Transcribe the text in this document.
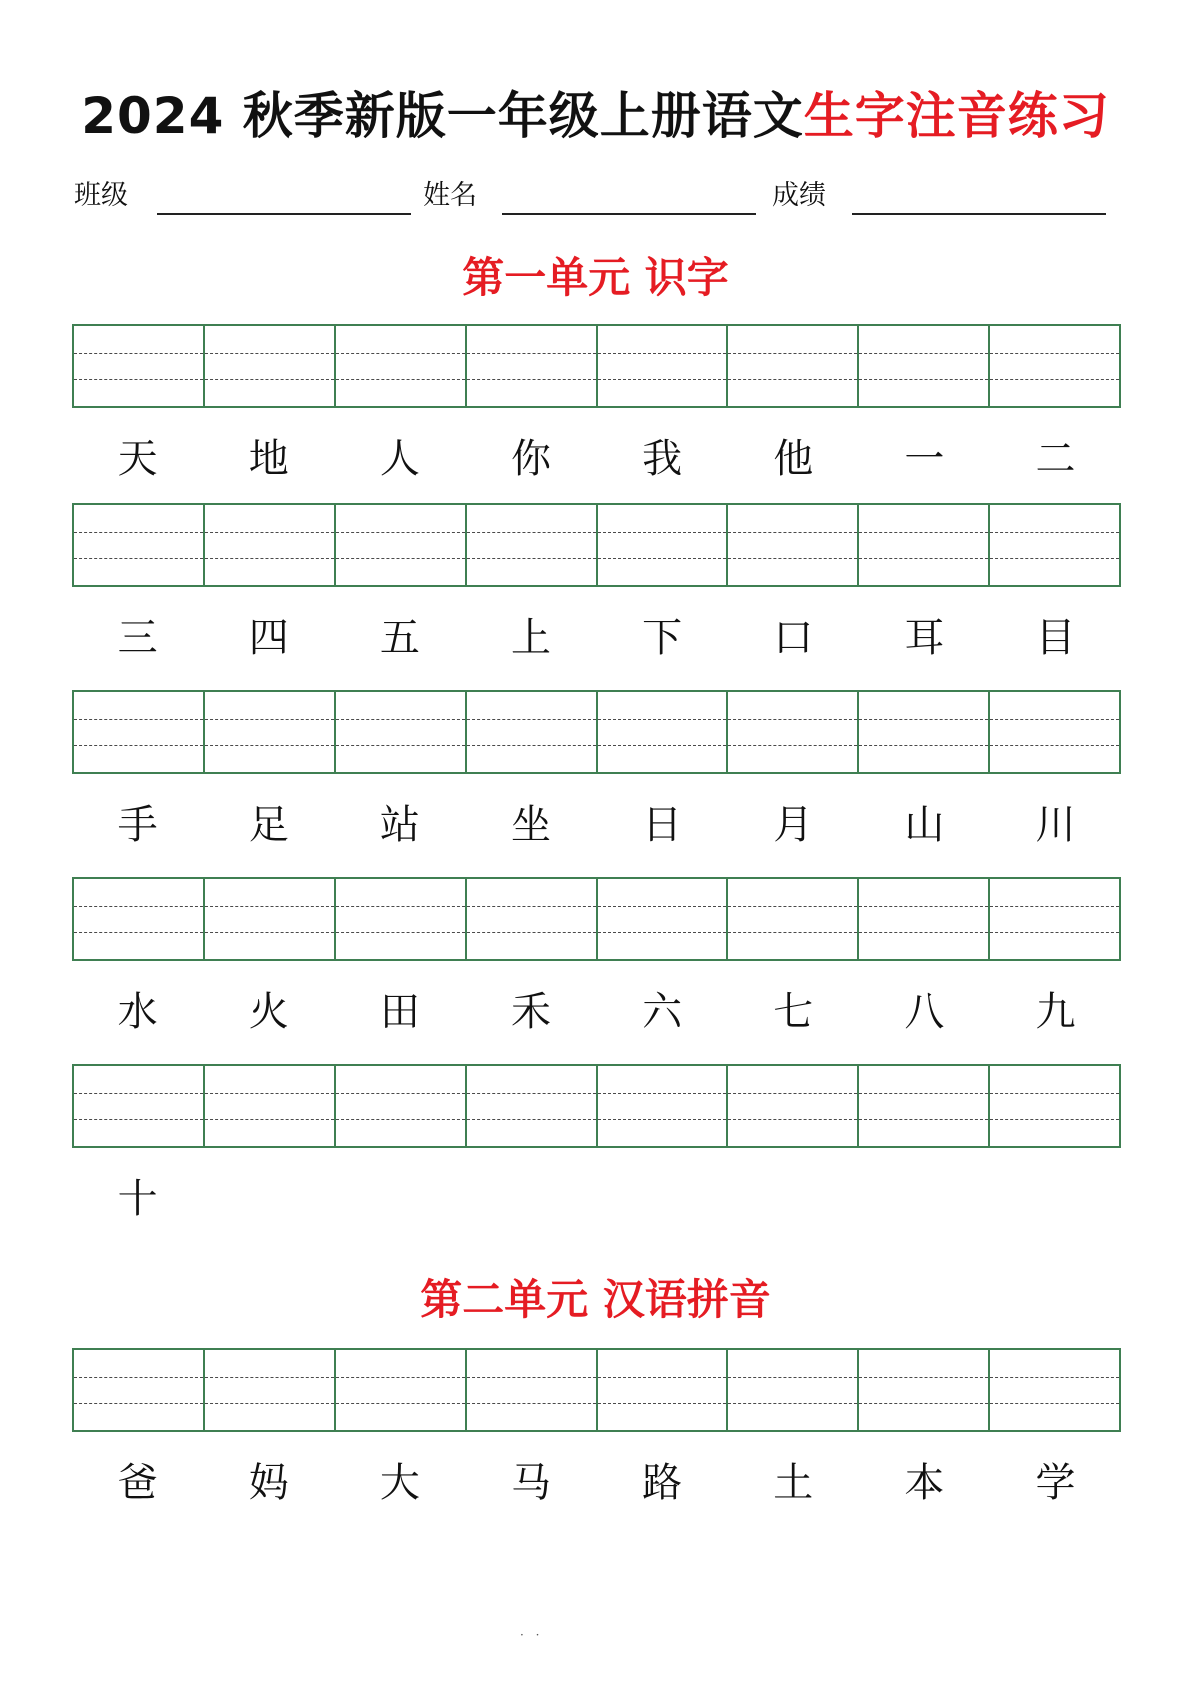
2024 秋季新版一年级上册语文生字注音练习
班级	姓名	成绩
第一单元 识字
天	地	人	你	我	他	一	二
三	四	五	上	下	口	耳	目
手	足	站	坐	日	月	山	川
水	火	田	禾	六	七	八	九
十
第二单元 汉语拼音
爸	妈	大	马	路	土	本	学
· ·
